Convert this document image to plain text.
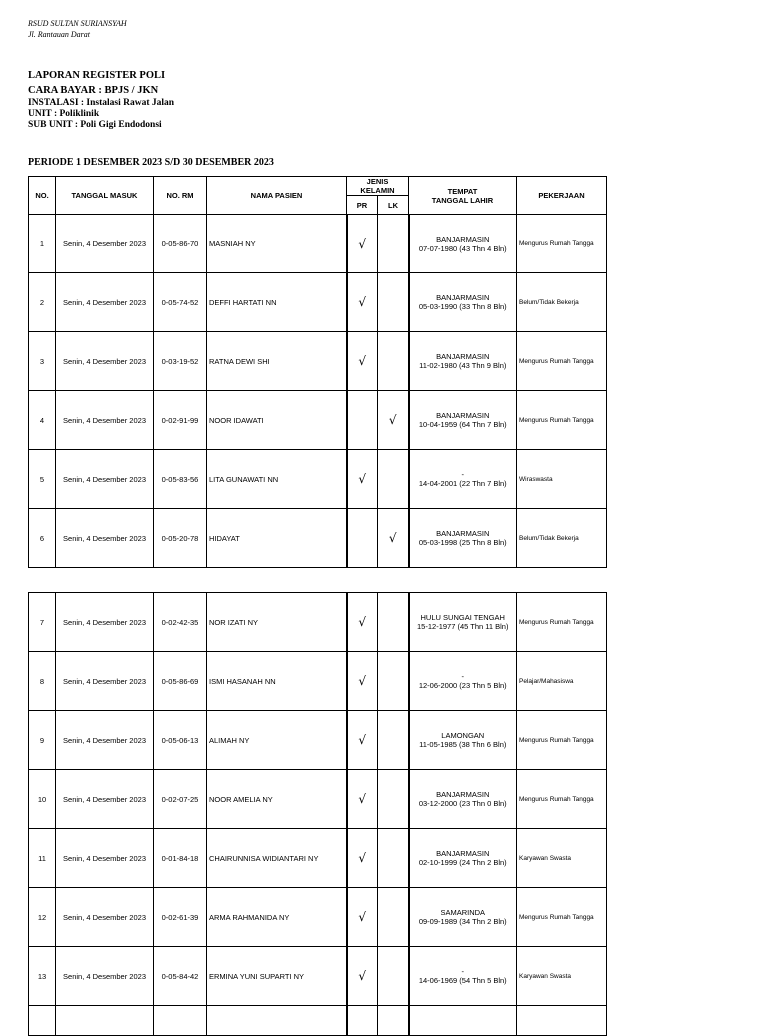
RSUD SULTAN SURIANSYAH
Jl. Rantauan Darat
LAPORAN REGISTER POLI
CARA BAYAR : BPJS / JKN
INSTALASI : Instalasi Rawat Jalan
UNIT : Poliklinik
SUB UNIT : Poli Gigi Endodonsi
PERIODE 1 DESEMBER 2023 S/D 30 DESEMBER 2023
NO.	TANGGAL MASUK	NO. RM	NAMA PASIEN	JENIS KELAMIN		TEMPAT
TANGGAL LAHIR	PEKERJAAN
				PR	LK		
1	Senin, 4 Desember 2023	0-05-86-70	MASNIAH NY	√		BANJARMASIN
07-07-1980 (43 Thn 4 Bln)	Mengurus Rumah Tangga
2	Senin, 4 Desember 2023	0-05-74-52	DEFFI HARTATI NN	√		BANJARMASIN
05-03-1990 (33 Thn 8 Bln)	Belum/Tidak Bekerja
3	Senin, 4 Desember 2023	0-03-19-52	RATNA DEWI SHI	√		BANJARMASIN
11-02-1980 (43 Thn 9 Bln)	Mengurus Rumah Tangga
4	Senin, 4 Desember 2023	0-02-91-99	NOOR IDAWATI		√	BANJARMASIN
10-04-1959 (64 Thn 7 Bln)	Mengurus Rumah Tangga
5	Senin, 4 Desember 2023	0-05-83-56	LITA GUNAWATI NN	√		-
14-04-2001 (22 Thn 7 Bln)	Wiraswasta
6	Senin, 4 Desember 2023	0-05-20-78	HIDAYAT		√	BANJARMASIN
05-03-1998 (25 Thn 8 Bln)	Belum/Tidak Bekerja
7	Senin, 4 Desember 2023	0-02-42-35	NOR IZATI NY	√		HULU SUNGAI TENGAH
15-12-1977 (45 Thn 11 Bln)	Mengurus Rumah Tangga
8	Senin, 4 Desember 2023	0-05-86-69	ISMI HASANAH NN	√		-
12-06-2000 (23 Thn 5 Bln)	Pelajar/Mahasiswa
9	Senin, 4 Desember 2023	0-05-06-13	ALIMAH NY	√		LAMONGAN
11-05-1985 (38 Thn 6 Bln)	Mengurus Rumah Tangga
10	Senin, 4 Desember 2023	0-02-07-25	NOOR AMELIA NY	√		BANJARMASIN
03-12-2000 (23 Thn 0 Bln)	Mengurus Rumah Tangga
11	Senin, 4 Desember 2023	0-01-84-18	CHAIRUNNISA WIDIANTARI NY	√		BANJARMASIN
02-10-1999 (24 Thn 2 Bln)	Karyawan Swasta
12	Senin, 4 Desember 2023	0-02-61-39	ARMA RAHMANIDA NY	√		SAMARINDA
09-09-1989 (34 Thn 2 Bln)	Mengurus Rumah Tangga
13	Senin, 4 Desember 2023	0-05-84-42	ERMINA YUNI SUPARTI NY	√		-
14-06-1969 (54 Thn 5 Bln)	Karyawan Swasta
